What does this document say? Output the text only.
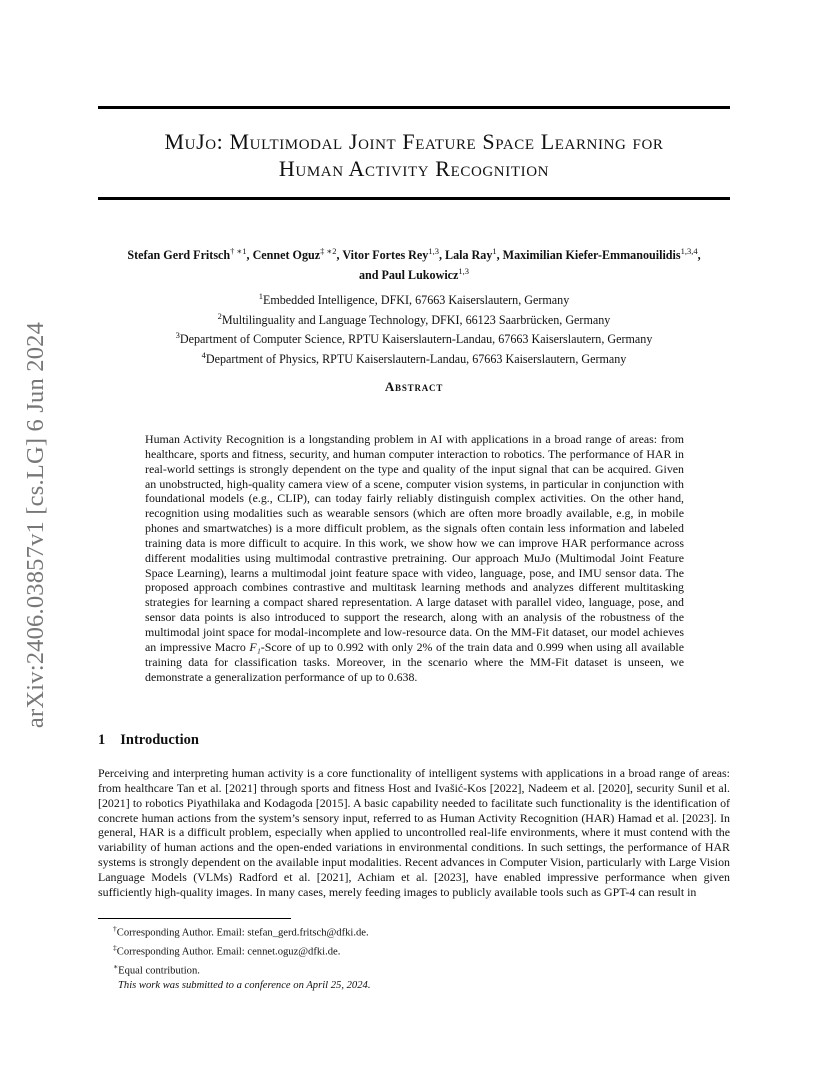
arXiv:2406.03857v1 [cs.LG] 6 Jun 2024
MuJo: Multimodal Joint Feature Space Learning for
Human Activity Recognition
Stefan Gerd Fritsch$^{\dagger ∗1}$, Cennet Oguz$^{\ddagger ∗2}$, Vitor Fortes Rey$^{1,3}$, Lala Ray$^1$, Maximilian Kiefer-Emmanouilidis$^{1,3,4}$,
and Paul Lukowicz$^{1,3}$
$^1$Embedded Intelligence, DFKI, 67663 Kaiserslautern, Germany
$^2$Multilinguality and Language Technology, DFKI, 66123 Saarbrücken, Germany
$^3$Department of Computer Science, RPTU Kaiserslautern-Landau, 67663 Kaiserslautern, Germany
$^4$Department of Physics, RPTU Kaiserslautern-Landau, 67663 Kaiserslautern, Germany
Abstract
Human Activity Recognition is a longstanding problem in AI with applications in a broad range of areas: from healthcare, sports and fitness, security, and human computer interaction to robotics. The performance of HAR in real-world settings is strongly dependent on the type and quality of the input signal that can be acquired. Given an unobstructed, high-quality camera view of a scene, computer vision systems, in particular in conjunction with foundational models (e.g., CLIP), can today fairly reliably distinguish complex activities. On the other hand, recognition using modalities such as wearable sensors (which are often more broadly available, e.g, in mobile phones and smartwatches) is a more difficult problem, as the signals often contain less information and labeled training data is more difficult to acquire. In this work, we show how we can improve HAR performance across different modalities using multimodal contrastive pretraining. Our approach MuJo (Multimodal Joint Feature Space Learning), learns a multimodal joint feature space with video, language, pose, and IMU sensor data. The proposed approach combines contrastive and multitask learning methods and analyzes different multitasking strategies for learning a compact shared representation. A large dataset with parallel video, language, pose, and sensor data points is also introduced to support the research, along with an analysis of the robustness of the multimodal joint space for modal-incomplete and low-resource data. On the MM-Fit dataset, our model achieves an impressive Macro F₁-Score of up to 0.992 with only 2% of the train data and 0.999 when using all available training data for classification tasks. Moreover, in the scenario where the MM-Fit dataset is unseen, we demonstrate a generalization performance of up to 0.638.
1 Introduction
Perceiving and interpreting human activity is a core functionality of intelligent systems with applications in a broad range of areas: from healthcare Tan et al. [2021] through sports and fitness Host and Ivašić-Kos [2022], Nadeem et al. [2020], security Sunil et al. [2021] to robotics Piyathilaka and Kodagoda [2015]. A basic capability needed to facilitate such functionality is the identification of concrete human actions from the system’s sensory input, referred to as Human Activity Recognition (HAR) Hamad et al. [2023]. In general, HAR is a difficult problem, especially when applied to uncontrolled real-life environments, where it must contend with the variability of human actions and the open-ended variations in environmental conditions. In such settings, the performance of HAR systems is strongly dependent on the available input modalities. Recent advances in Computer Vision, particularly with Large Vision Language Models (VLMs) Radford et al. [2021], Achiam et al. [2023], have enabled impressive performance when given sufficiently high-quality images. In many cases, merely feeding images to publicly available tools such as GPT-4 can result in
†Corresponding Author. Email: stefan_gerd.fritsch@dfki.de.
‡Corresponding Author. Email: cennet.oguz@dfki.de.
∗Equal contribution.
This work was submitted to a conference on April 25, 2024.
